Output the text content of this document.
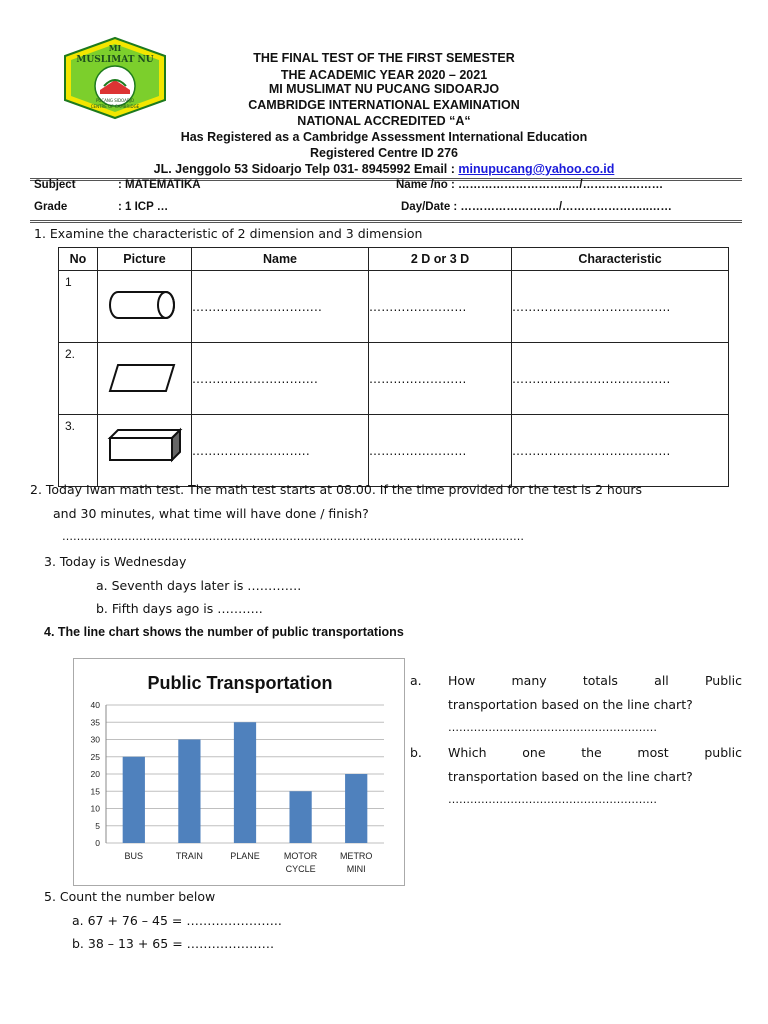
MI
MUSLIMAT NU
PUCANG SIDOARJO
CENTRE OF CAMBRIDGE
THE FINAL TEST OF THE FIRST SEMESTER
THE ACADEMIC YEAR 2020 – 2021
MI MUSLIMAT NU PUCANG SIDOARJO
CAMBRIDGE INTERNATIONAL EXAMINATION
NATIONAL ACCREDITED “A“
Has Registered as a Cambridge Assessment International Education
Registered Centre ID 276
JL. Jenggolo 53 Sidoarjo Telp 031- 8945992 Email : minupucang@yahoo.co.id
Subject	: MATEMATIKA	Name /no : ………………………..…/…………………
Grade	: 1 ICP …	Day/Date : ……………………../…………………..……
1. Examine the characteristic of 2 dimension and 3 dimension
No	Picture	Name	2 D or 3 D	Characteristic
1		…………………………..	……………………	…………………………………
2.		………………………….	……………………	…………………………………
3.		………………………..	……………………	…………………………………
2. Today Iwan math test. The math test starts at 08.00. If the time provided for the test is 2 hours
and 30 minutes, what time will have done / finish?
………………………………………………………………………………………………………………
3. Today is Wednesday
a. Seventh days later is ………….
b. Fifth days ago is ………..
4. The line chart shows the number of public transportations
Public Transportation
0
5
10
15
20
25
30
35
40
BUS	TRAIN	PLANE	MOTOR
CYCLE
METRO
MINI
a. How	many	totals	all	Public
transportation based on the line chart?
…………………………………………………
b. Which	one	the	most	public
transportation based on the line chart?
…………………………………………………
5. Count the number below
a. 67 + 76 – 45 = …………………..
b. 38 – 13 + 65 = …………………
